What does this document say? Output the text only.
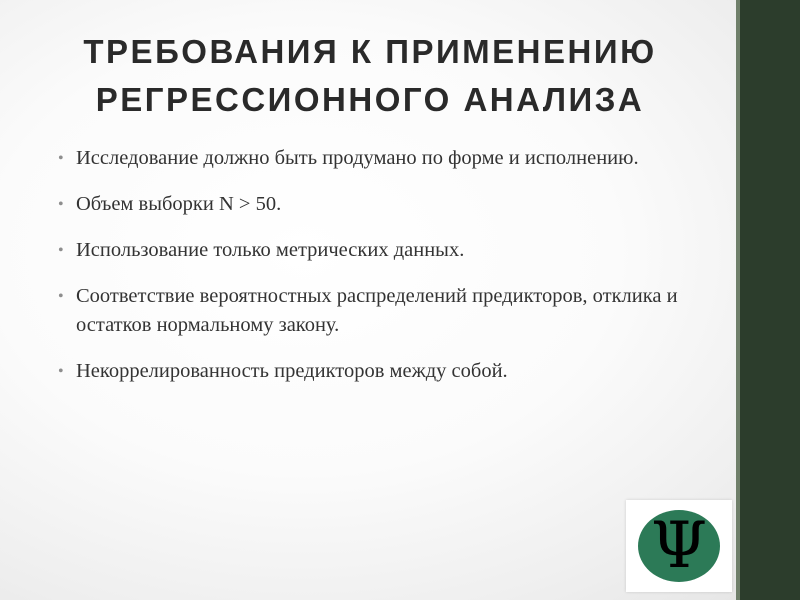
ТРЕБОВАНИЯ К ПРИМЕНЕНИЮ
РЕГРЕССИОННОГО АНАЛИЗА
• Исследование должно быть продумано по форме и исполнению.
• Объем выборки N > 50.
• Использование только метрических данных.
• Соответствие вероятностных распределений предикторов, отклика и остатков нормальному закону.
• Некоррелированность предикторов между собой.
Ψ
